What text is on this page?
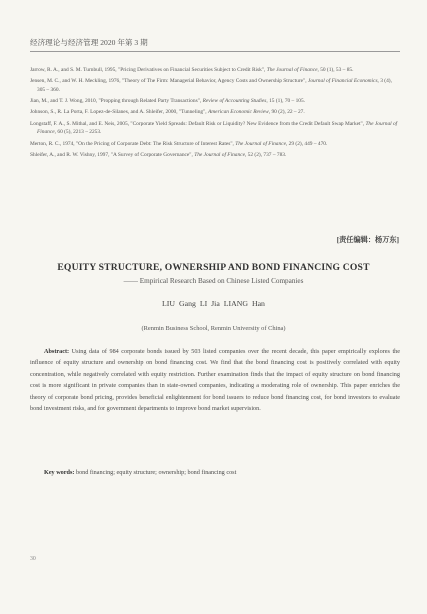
经济理论与经济管理 2020 年第 3 期
Jarrow, R. A., and S. M. Turnbull, 1995, "Pricing Derivatives on Financial Securities Subject to Credit Risk", The Journal of Finance, 50 (1), 53 – 85.
Jensen, M. C., and W. H. Meckling, 1976, "Theory of The Firm: Managerial Behavior, Agency Costs and Ownership Structure", Journal of Financial Economics, 3 (4), 305 – 360.
Jian, M., and T. J. Wong, 2010, "Propping through Related Party Transactions", Review of Accounting Studies, 15 (1), 70 – 105.
Johnson, S., R. La Porta, F. Lopez-de-Silanes, and A. Shleifer, 2000, "Tunneling", American Economic Review, 90 (2), 22 – 27.
Longstaff, F. A., S. Mithal, and E. Neis, 2005, "Corporate Yield Spreads: Default Risk or Liquidity? New Evidence from the Credit Default Swap Market", The Journal of Finance, 60 (5), 2213 – 2253.
Merton, R. C., 1974, "On the Pricing of Corporate Debt: The Risk Structure of Interest Rates", The Journal of Finance, 29 (2), 449 – 470.
Shleifer, A., and R. W. Vishny, 1997, "A Survey of Corporate Governance", The Journal of Finance, 52 (2), 737 – 783.
[责任编辑：杨万东]
EQUITY STRUCTURE, OWNERSHIP AND BOND FINANCING COST
—— Empirical Research Based on Chinese Listed Companies
LIU Gang LI Jia LIANG Han
(Renmin Business School, Renmin University of China)

Abstract: Using data of 984 corporate bonds issued by 503 listed companies over the recent decade, this paper empirically explores the influence of equity structure and ownership on bond financing cost. We find that the bond financing cost is positively correlated with equity concentration, while negatively correlated with equity restriction. Further examination finds that the impact of equity structure on bond financing cost is more significant in private companies than in state-owned companies, indicating a moderating role of ownership. This paper enriches the theory of corporate bond pricing, provides beneficial enlightenment for bond issuers to reduce bond financing cost, for bond investors to evaluate bond investment risks, and for government departments to improve bond market supervision.

Key words: bond financing; equity structure; ownership; bond financing cost

30
